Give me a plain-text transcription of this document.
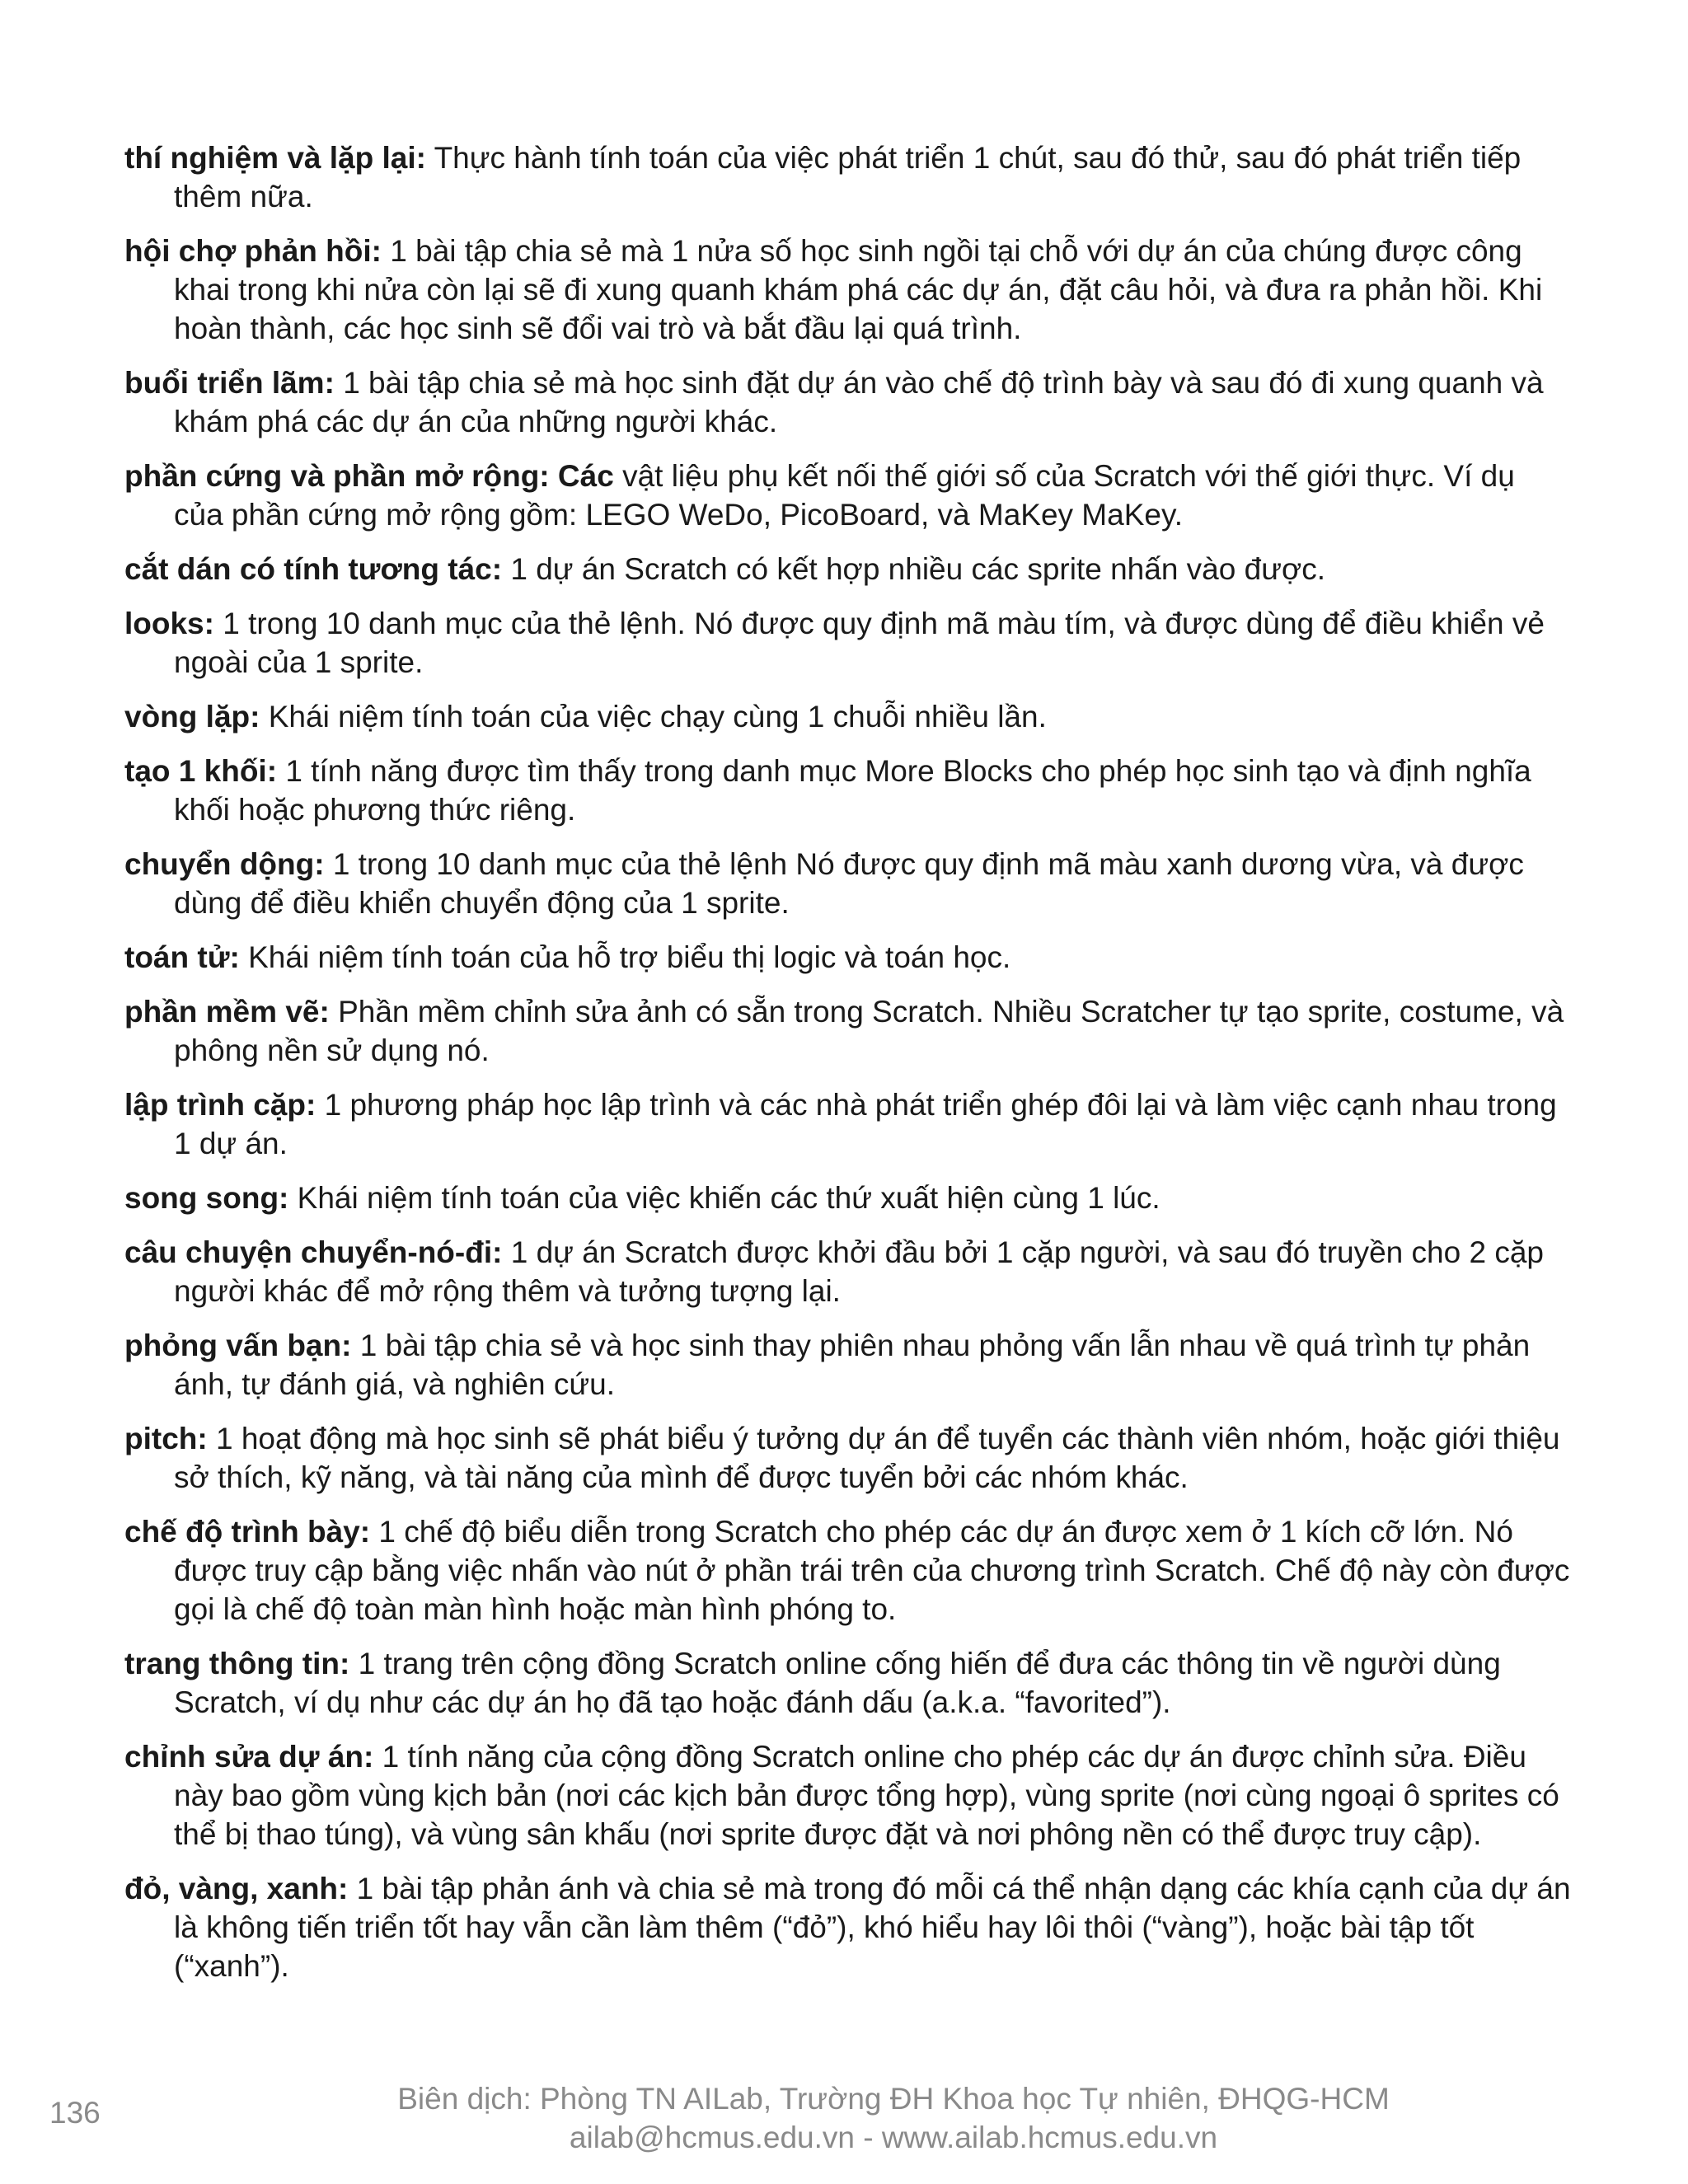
thí nghiệm và lặp lại: Thực hành tính toán của việc phát triển 1 chút, sau đó thử, sau đó phát triển tiếp thêm nữa.

hội chợ phản hồi: 1 bài tập chia sẻ mà 1 nửa số học sinh ngồi tại chỗ với dự án của chúng được công khai trong khi nửa còn lại sẽ đi xung quanh khám phá các dự án, đặt câu hỏi, và đưa ra phản hồi. Khi hoàn thành, các học sinh sẽ đổi vai trò và bắt đầu lại quá trình.

buổi triển lãm: 1 bài tập chia sẻ mà học sinh đặt dự án vào chế độ trình bày và sau đó đi xung quanh và khám phá các dự án của những người khác.

phần cứng và phần mở rộng: Các vật liệu phụ kết nối thế giới số của Scratch với thế giới thực. Ví dụ của phần cứng mở rộng gồm: LEGO WeDo, PicoBoard, và MaKey MaKey.

cắt dán có tính tương tác: 1 dự án Scratch có kết hợp nhiều các sprite nhấn vào được.

looks: 1 trong 10 danh mục của thẻ lệnh. Nó được quy định mã màu tím, và được dùng để điều khiển vẻ ngoài của 1 sprite.

vòng lặp: Khái niệm tính toán của việc chạy cùng 1 chuỗi nhiều lần.

tạo 1 khối: 1 tính năng được tìm thấy trong danh mục More Blocks cho phép học sinh tạo và định nghĩa khối hoặc phương thức riêng.

chuyển dộng: 1 trong 10 danh mục của thẻ lệnh Nó được quy định mã màu xanh dương vừa, và được dùng để điều khiển chuyển động của 1 sprite.

toán tử: Khái niệm tính toán của hỗ trợ biểu thị logic và toán học.

phần mềm vẽ: Phần mềm chỉnh sửa ảnh có sẵn trong Scratch. Nhiều Scratcher tự tạo sprite, costume, và phông nền sử dụng nó.

lập trình cặp: 1 phương pháp học lập trình và các nhà phát triển ghép đôi lại và làm việc cạnh nhau trong 1 dự án.

song song: Khái niệm tính toán của việc khiến các thứ xuất hiện cùng 1 lúc.

câu chuyện chuyển-nó-đi: 1 dự án Scratch được khởi đầu bởi 1 cặp người, và sau đó truyền cho 2 cặp người khác để mở rộng thêm và tưởng tượng lại.

phỏng vấn bạn: 1 bài tập chia sẻ và học sinh thay phiên nhau phỏng vấn lẫn nhau về quá trình tự phản ánh, tự đánh giá, và nghiên cứu.

pitch: 1 hoạt động mà học sinh sẽ phát biểu ý tưởng dự án để tuyển các thành viên nhóm, hoặc giới thiệu sở thích, kỹ năng, và tài năng của mình để được tuyển bởi các nhóm khác.

chế độ trình bày: 1 chế độ biểu diễn trong Scratch cho phép các dự án được xem ở 1 kích cỡ lớn. Nó được truy cập bằng việc nhấn vào nút ở phần trái trên của chương trình Scratch. Chế độ này còn được gọi là chế độ toàn màn hình hoặc màn hình phóng to.

trang thông tin: 1 trang trên cộng đồng Scratch online cống hiến để đưa các thông tin về người dùng Scratch, ví dụ như các dự án họ đã tạo hoặc đánh dấu (a.k.a. “favorited”).

chỉnh sửa dự án: 1 tính năng của cộng đồng Scratch online cho phép các dự án được chỉnh sửa. Điều này bao gồm vùng kịch bản (nơi các kịch bản được tổng hợp), vùng sprite (nơi cùng ngoại ô sprites có thể bị thao túng), và vùng sân khấu (nơi sprite được đặt và nơi phông nền có thể được truy cập).

đỏ, vàng, xanh: 1 bài tập phản ánh và chia sẻ mà trong đó mỗi cá thể nhận dạng các khía cạnh của dự án là không tiến triển tốt hay vẫn cần làm thêm (“đỏ”), khó hiểu hay lôi thôi (“vàng”), hoặc bài tập tốt (“xanh”).

136	Biên dịch: Phòng TN AILab, Trường ĐH Khoa học Tự nhiên, ĐHQG-HCM
ailab@hcmus.edu.vn - www.ailab.hcmus.edu.vn
